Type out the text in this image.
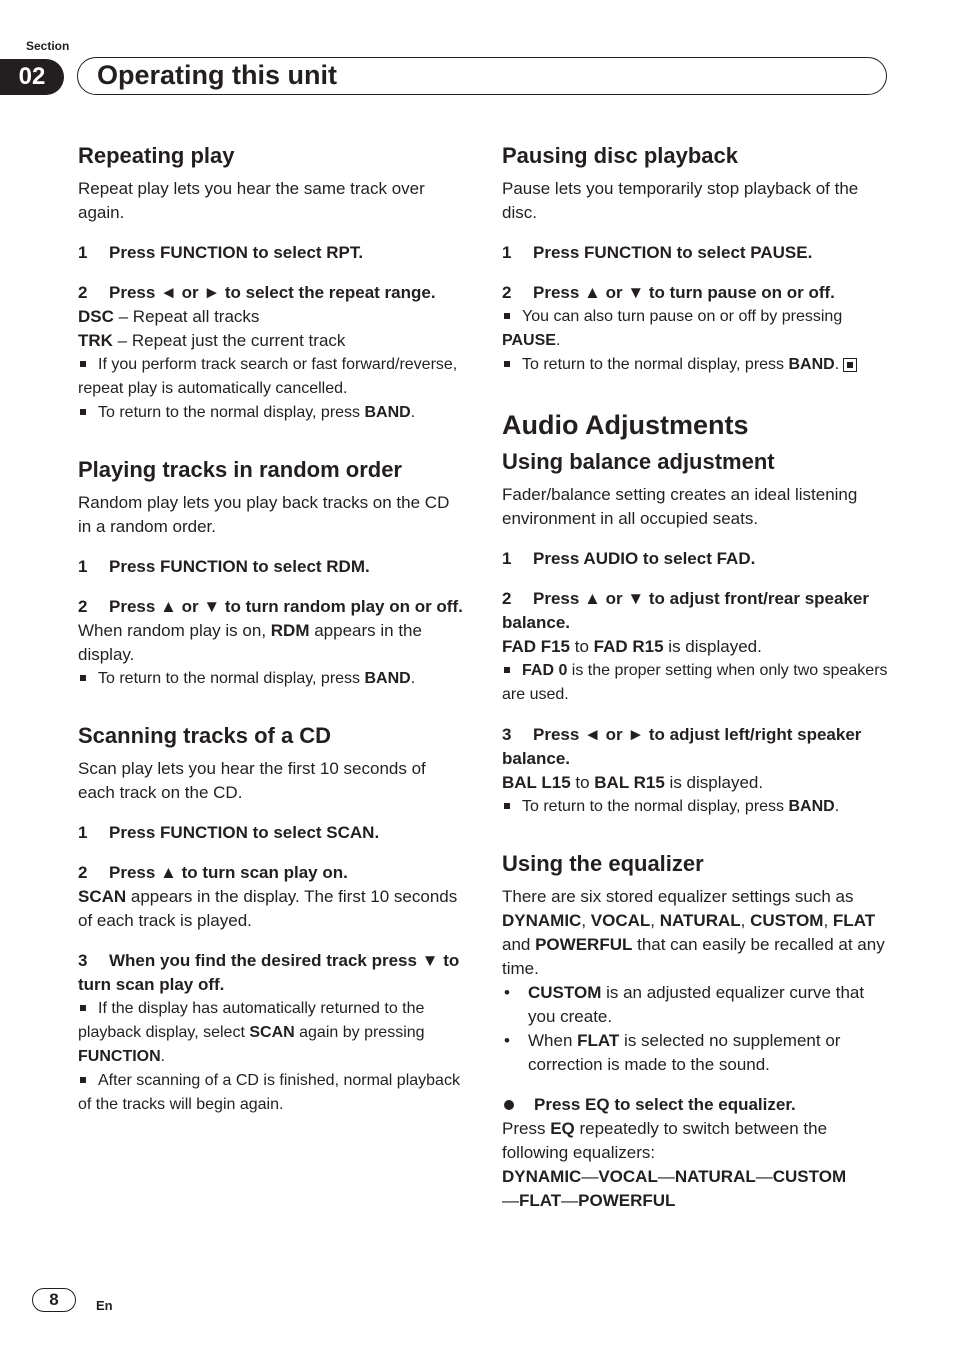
Section
02	Operating this unit
Repeating play

Repeat play lets you hear the same track over again.

1 Press FUNCTION to select RPT.

2 Press ◄ or ► to select the repeat range.

DSC – Repeat all tracks

TRK – Repeat just the current track

If you perform track search or fast forward/reverse, repeat play is automatically cancelled.

To return to the normal display, press BAND.

Playing tracks in random order

Random play lets you play back tracks on the CD in a random order.

1 Press FUNCTION to select RDM.

2 Press ▲ or ▼ to turn random play on or off.

When random play is on, RDM appears in the display.

To return to the normal display, press BAND.

Scanning tracks of a CD

Scan play lets you hear the first 10 seconds of each track on the CD.

1 Press FUNCTION to select SCAN.

2 Press ▲ to turn scan play on.

SCAN appears in the display. The first 10 seconds of each track is played.

3 When you find the desired track press ▼ to turn scan play off.

If the display has automatically returned to the playback display, select SCAN again by pressing FUNCTION.

After scanning of a CD is finished, normal playback of the tracks will begin again.

Pausing disc playback

Pause lets you temporarily stop playback of the disc.

1 Press FUNCTION to select PAUSE.

2 Press ▲ or ▼ to turn pause on or off.

You can also turn pause on or off by pressing PAUSE.

To return to the normal display, press BAND.

Audio Adjustments
Using balance adjustment

Fader/balance setting creates an ideal listening environment in all occupied seats.

1 Press AUDIO to select FAD.

2 Press ▲ or ▼ to adjust front/rear speaker balance.

FAD F15 to FAD R15 is displayed.

FAD 0 is the proper setting when only two speakers are used.

3 Press ◄ or ► to adjust left/right speaker balance.

BAL L15 to BAL R15 is displayed.

To return to the normal display, press BAND.

Using the equalizer

There are six stored equalizer settings such as DYNAMIC, VOCAL, NATURAL, CUSTOM, FLAT and POWERFUL that can easily be recalled at any time.

• CUSTOM is an adjusted equalizer curve that you create.

• When FLAT is selected no supplement or correction is made to the sound.

Press EQ to select the equalizer.

Press EQ repeatedly to switch between the following equalizers:

DYNAMIC—VOCAL—NATURAL—CUSTOM
—FLAT—POWERFUL

8	En
